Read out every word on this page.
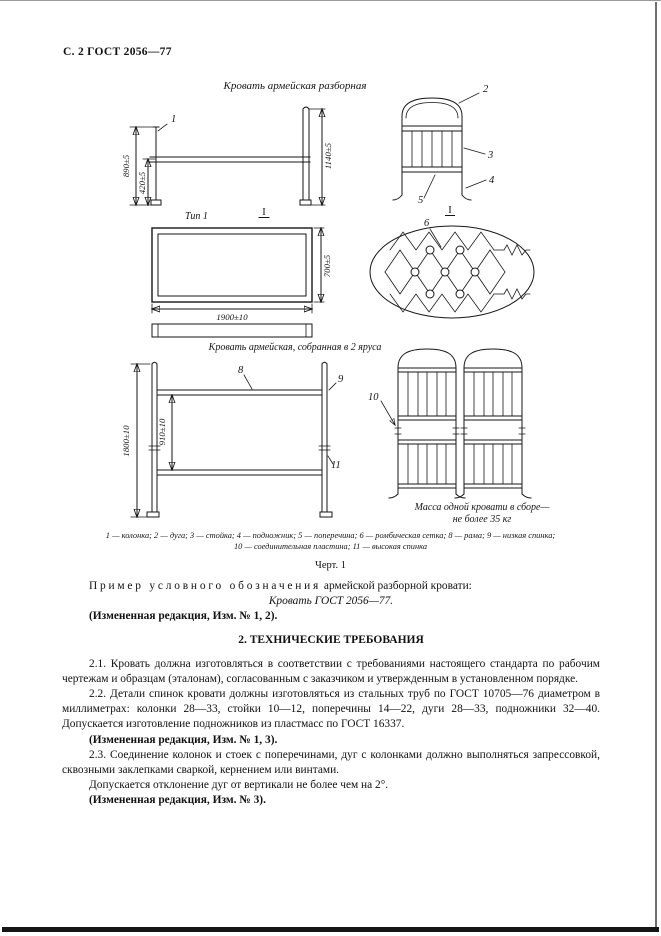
С. 2 ГОСТ 2056—77
Кровать армейская разборная
890±5
420±5
1140±5
1
Тип 1	I
2
3
4
5
I
700±5
1900±10
6
Кровать армейская, собранная в 2 яруса
1800±10	910±10
8
9
11
10
Масса одной кровати в сборе—
не более 35 кг
1 — колонка; 2 — дуга; 3 — стойка; 4 — подножник; 5 — поперечина; 6 — ромбическая сетка; 8 — рама; 9 — низкая спинка;
10 — соединительная пластина; 11 — высокая спинка
Черт. 1

Пример условного обозначения армейской разборной кровати:

Кровать ГОСТ 2056—77.

(Измененная редакция, Изм. № 1, 2).

2. ТЕХНИЧЕСКИЕ ТРЕБОВАНИЯ

2.1. Кровать должна изготовляться в соответствии с требованиями настоящего стандарта по рабочим чертежам и образцам (эталонам), согласованным с заказчиком и утвержденным в установленном порядке.

2.2. Детали спинок кровати должны изготовляться из стальных труб по ГОСТ 10705—76 диаметром в миллиметрах: колонки 28—33, стойки 10—12, поперечины 14—22, дуги 28—33, подножники 32—40. Допускается изготовление подножников из пластмасс по ГОСТ 16337.

(Измененная редакция, Изм. № 1, 3).

2.3. Соединение колонок и стоек с поперечинами, дуг с колонками должно выполняться запрессовкой, сквозными заклепками сваркой, кернением или винтами.

Допускается отклонение дуг от вертикали не более чем на 2°.

(Измененная редакция, Изм. № 3).
